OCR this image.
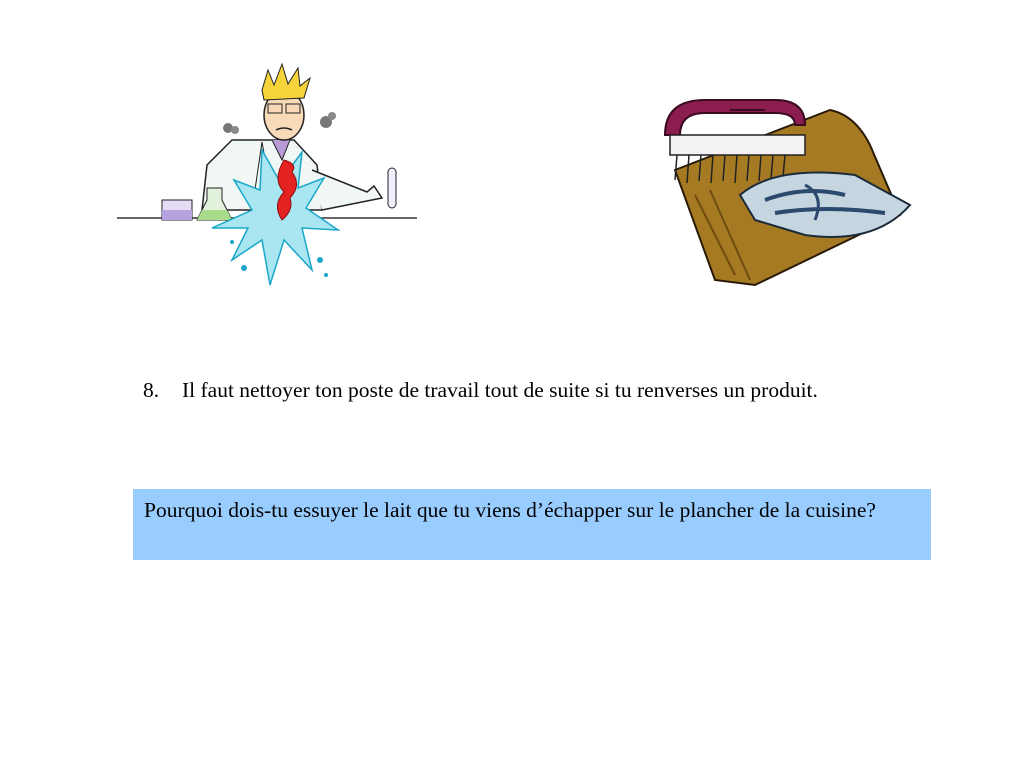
8.	Il faut nettoyer ton poste de travail tout de suite si tu renverses un produit.
Pourquoi dois-tu essuyer le lait que tu viens d’échapper sur le plancher de la cuisine?
